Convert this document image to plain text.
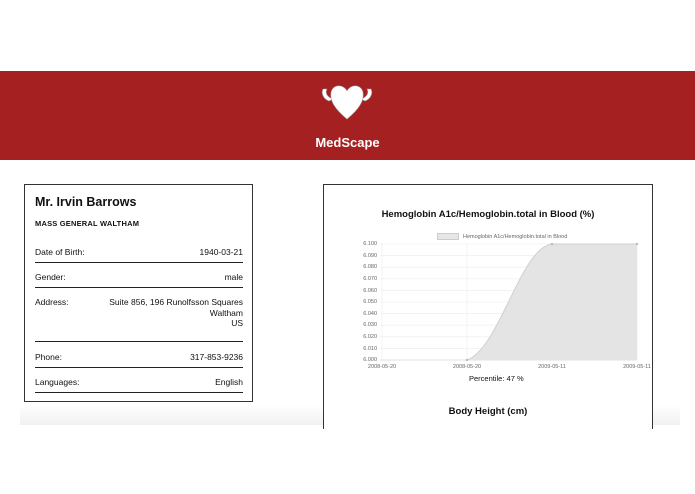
MedScape
Mr. Irvin Barrows
MASS GENERAL WALTHAM
Date of Birth:	1940-03-21
Gender:	male
Address:	Suite 856, 196 Runolfsson Squares
Waltham
US
Phone:	317-853-9236
Languages:	English
Hemoglobin A1c/Hemoglobin.total in Blood (%)
Hemoglobin A1c/Hemoglobin.total in Blood
6.100
6.090
6.080
6.070
6.060
6.050
6.040
6.030
6.020
6.010
6.000
2008-05-20	2008-05-20	2009-05-11	2009-05-11
Percentile: 47 %
Body Height (cm)
